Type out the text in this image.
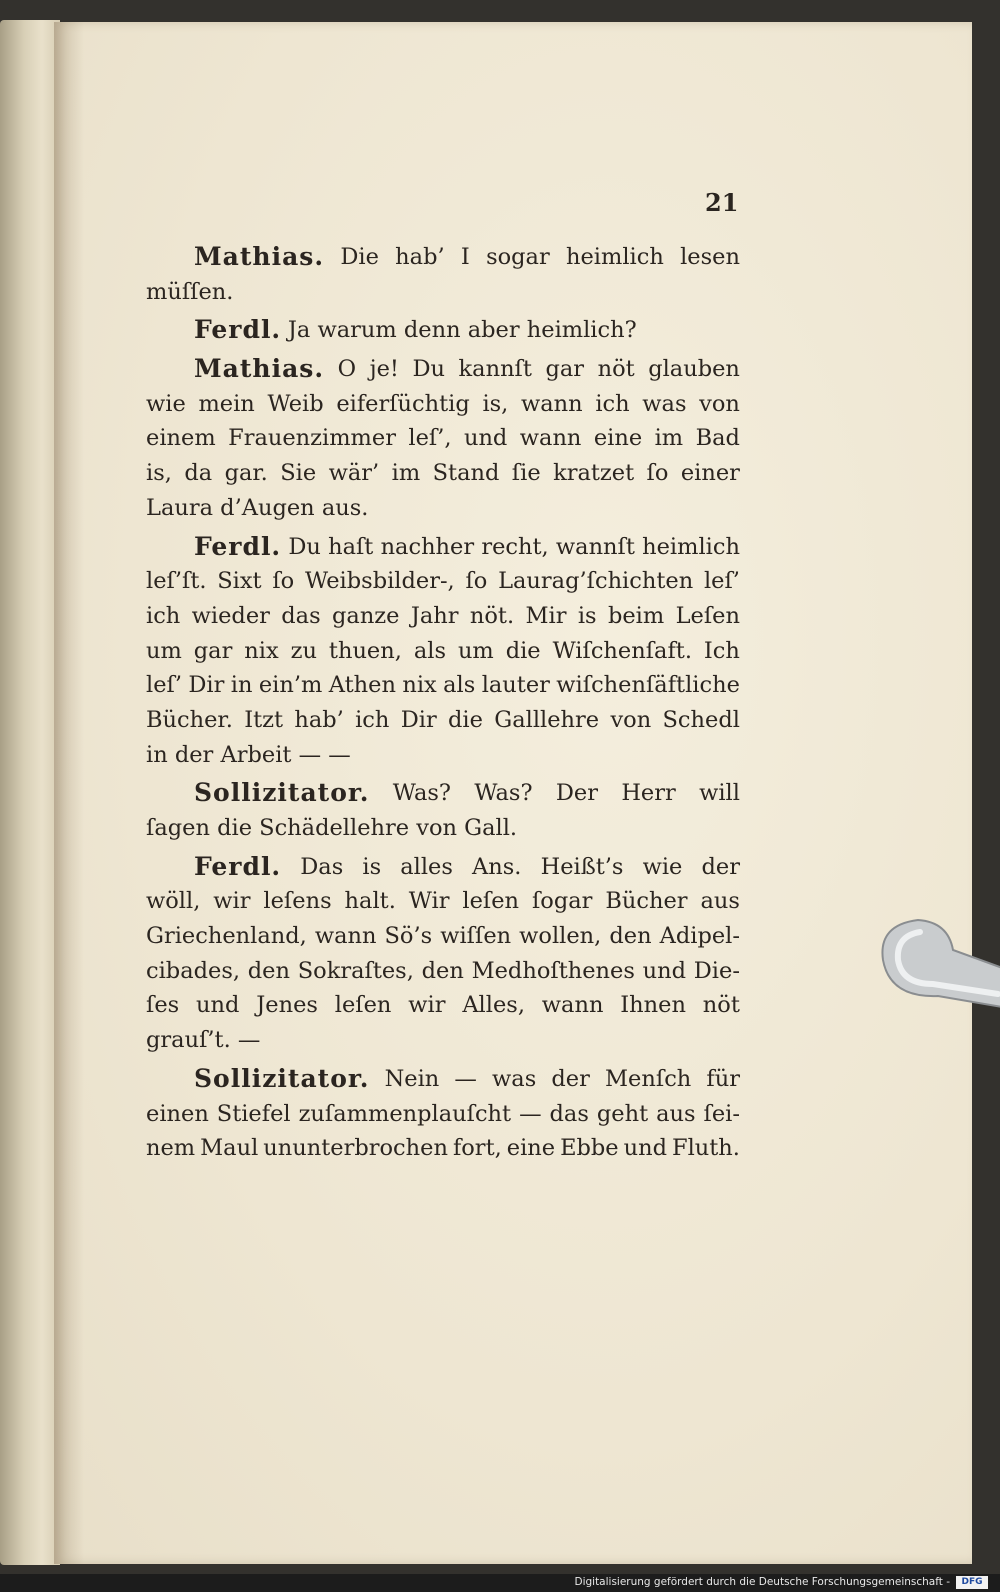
21
Mathias. Die hab’ I sogar heimlich lesen
müſſen.
Ferdl. Ja warum denn aber heimlich?
Mathias. O je! Du kannſt gar nöt glauben
wie mein Weib eiferſüchtig is, wann ich was von
einem Frauenzimmer leſ’, und wann eine im Bad
is, da gar. Sie wär’ im Stand ſie kratzet ſo einer
Laura d’Augen aus.
Ferdl. Du haſt nachher recht, wannſt heimlich
leſ’ſt. Sixt ſo Weibsbilder-, ſo Laurag’ſchichten leſ’
ich wieder das ganze Jahr nöt. Mir is beim Leſen
um gar nix zu thuen, als um die Wiſchenſaft. Ich
leſ’ Dir in ein’m Athen nix als lauter wiſchenſäftliche
Bücher. Itzt hab’ ich Dir die Galllehre von Schedl
in der Arbeit — —
Sollizitator. Was? Was? Der Herr will
ſagen die Schädellehre von Gall.
Ferdl. Das is alles Ans. Heißt’s wie der
wöll, wir leſens halt. Wir leſen ſogar Bücher aus
Griechenland, wann Sö’s wiſſen wollen, den Adipel-
cibades, den Sokraſtes, den Medhoſthenes und Die-
ſes und Jenes leſen wir Alles, wann Ihnen nöt
grauſ’t. —
Sollizitator. Nein — was der Menſch für
einen Stiefel zuſammenplauſcht — das geht aus ſei-
nem Maul ununterbrochen fort, eine Ebbe und Fluth.
Digitalisierung gefördert durch die Deutsche Forschungsgemeinschaft -	DFG
